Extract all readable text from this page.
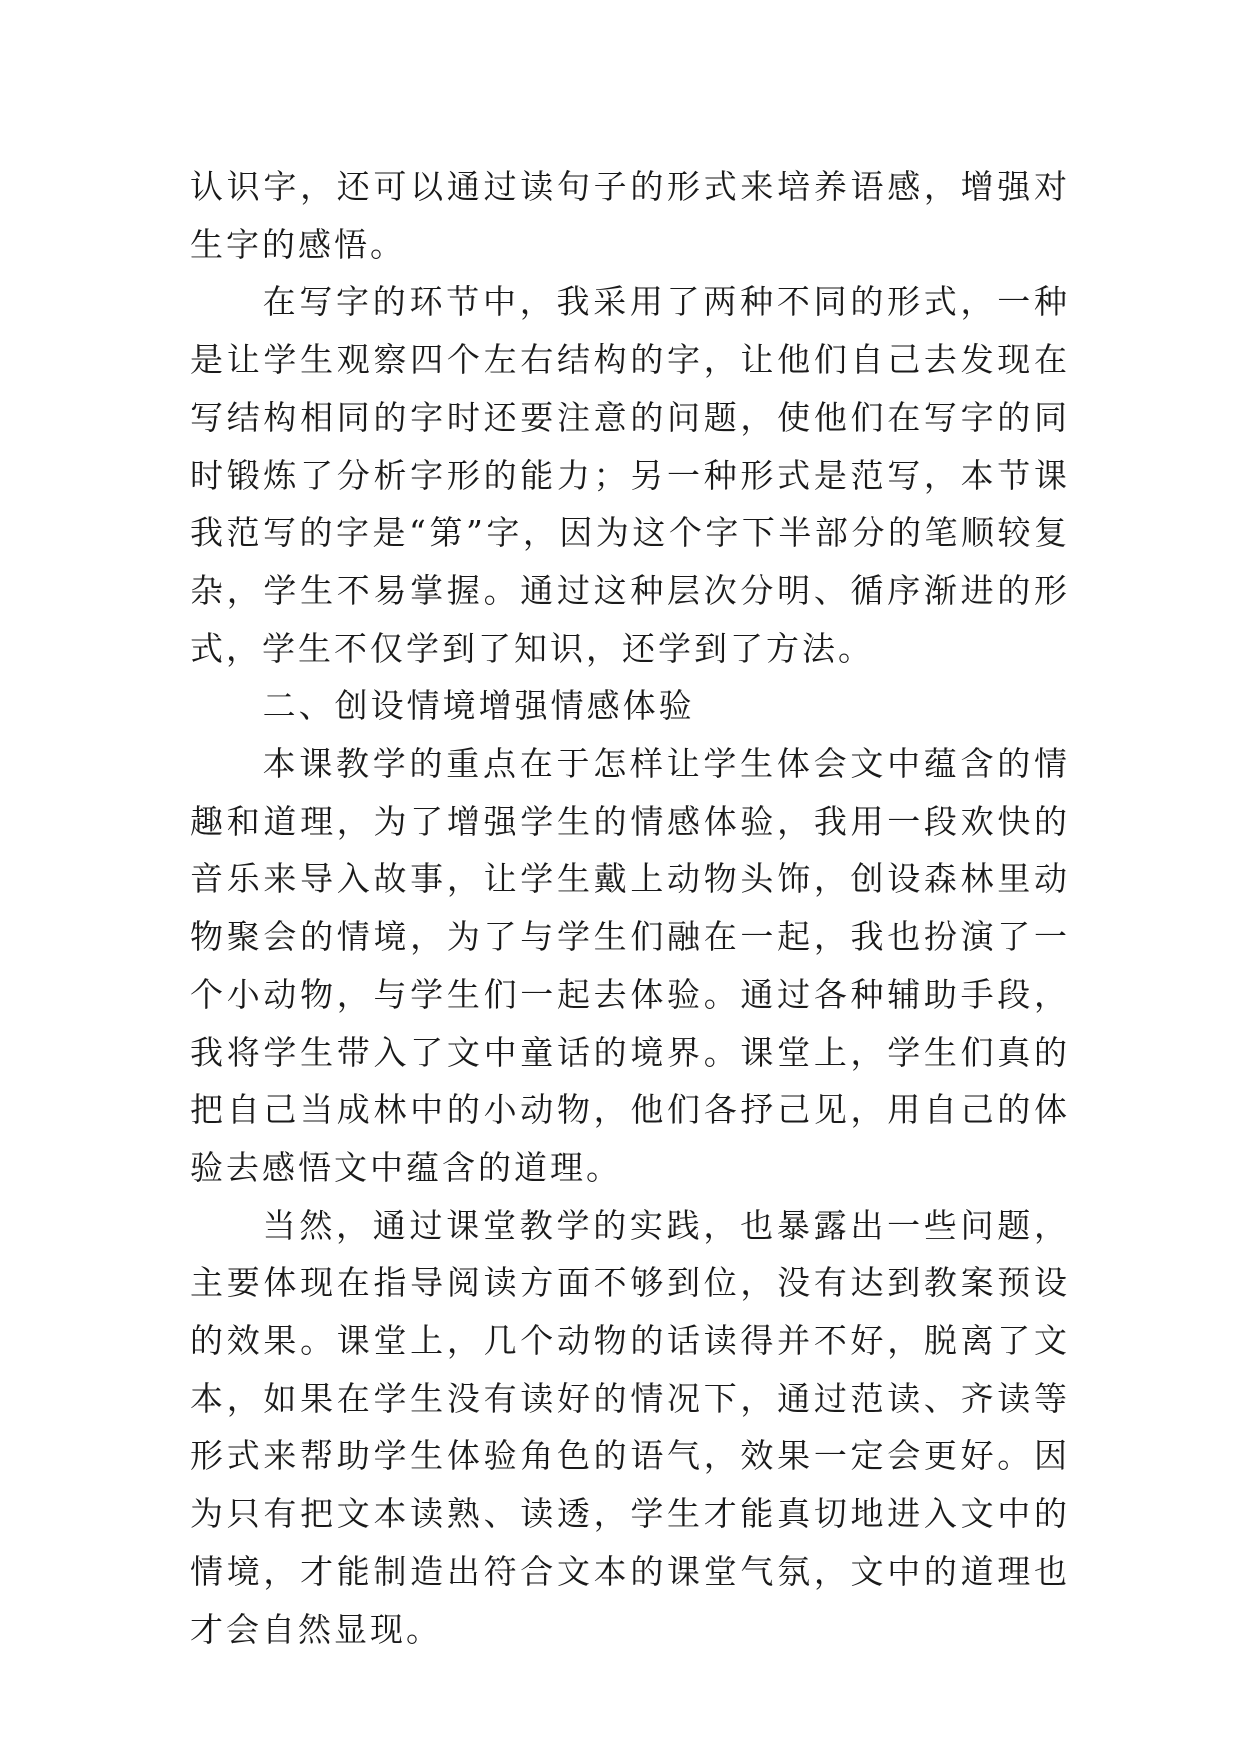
认识字，还可以通过读句子的形式来培养语感，增强对生字的感悟。

在写字的环节中，我采用了两种不同的形式，一种是让学生观察四个左右结构的字，让他们自己去发现在写结构相同的字时还要注意的问题，使他们在写字的同时锻炼了分析字形的能力；另一种形式是范写，本节课我范写的字是“第”字，因为这个字下半部分的笔顺较复杂，学生不易掌握。通过这种层次分明、循序渐进的形式，学生不仅学到了知识，还学到了方法。

二、创设情境增强情感体验

本课教学的重点在于怎样让学生体会文中蕴含的情趣和道理，为了增强学生的情感体验，我用一段欢快的音乐来导入故事，让学生戴上动物头饰，创设森林里动物聚会的情境，为了与学生们融在一起，我也扮演了一个小动物，与学生们一起去体验。通过各种辅助手段，我将学生带入了文中童话的境界。课堂上，学生们真的把自己当成林中的小动物，他们各抒己见，用自己的体验去感悟文中蕴含的道理。

当然，通过课堂教学的实践，也暴露出一些问题，主要体现在指导阅读方面不够到位，没有达到教案预设的效果。课堂上，几个动物的话读得并不好，脱离了文本，如果在学生没有读好的情况下，通过范读、齐读等形式来帮助学生体验角色的语气，效果一定会更好。因为只有把文本读熟、读透，学生才能真切地进入文中的情境，才能制造出符合文本的课堂气氛，文中的道理也才会自然显现。
